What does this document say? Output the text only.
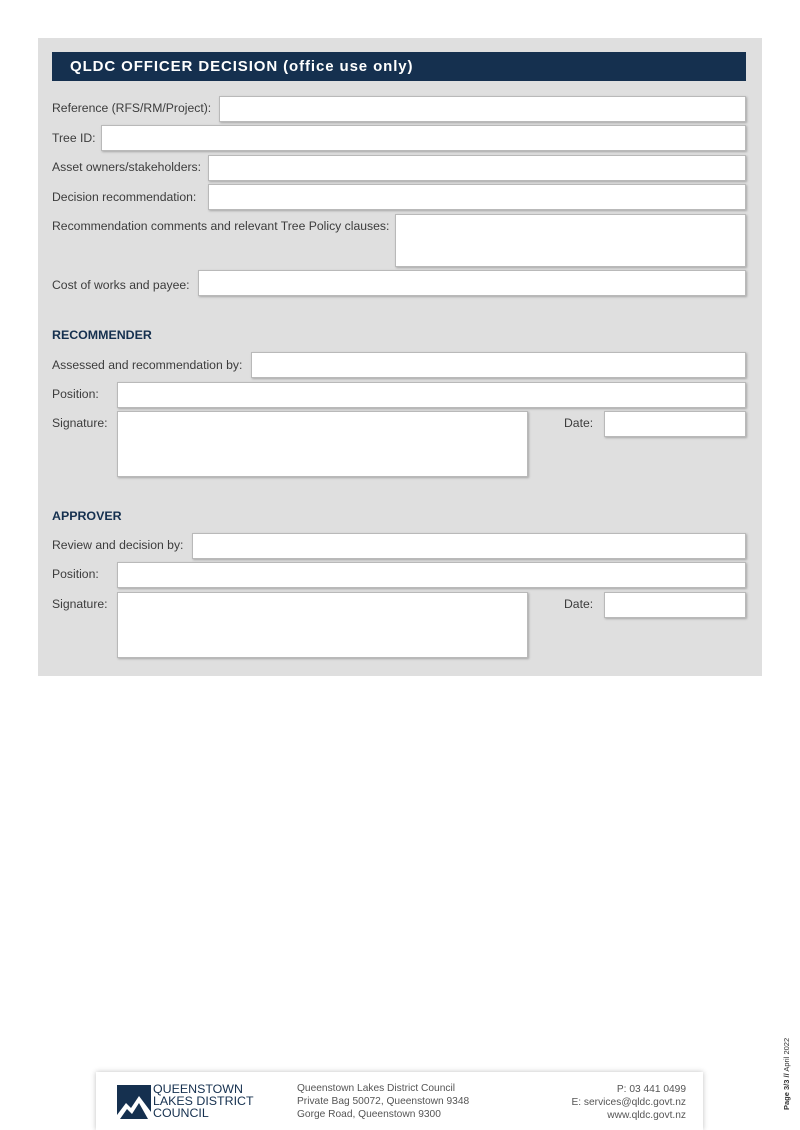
QLDC OFFICER DECISION (office use only)
Reference (RFS/RM/Project):
Tree ID:
Asset owners/stakeholders:
Decision recommendation:
Recommendation comments and relevant Tree Policy clauses:
Cost of works and payee:
RECOMMENDER
Assessed and recommendation by:
Position:
Signature:	Date:
APPROVER
Review and decision by:
Position:
Signature:	Date:
QUEENSTOWN
LAKES DISTRICT
COUNCIL
Queenstown Lakes District Council
Private Bag 50072, Queenstown 9348
Gorge Road, Queenstown 9300
P: 03 441 0499
E: services@qldc.govt.nz
www.qldc.govt.nz
Page 3/3 // April 2022
